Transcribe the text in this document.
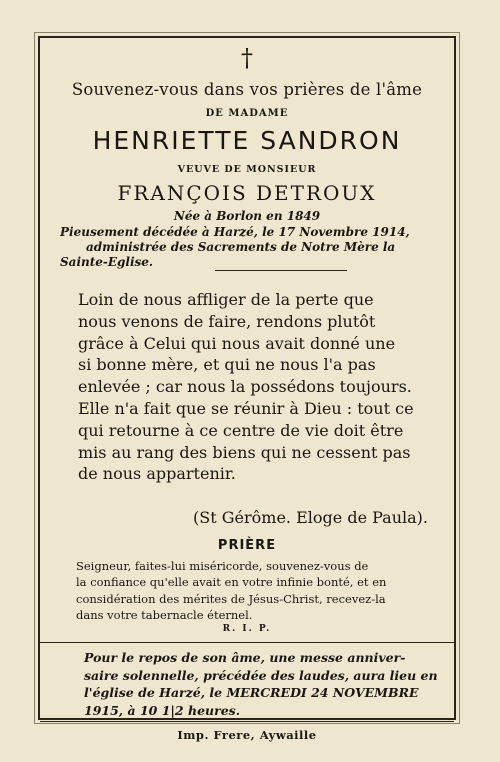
†
Souvenez-vous dans vos prières de l'âme
DE MADAME
HENRIETTE SANDRON
VEUVE DE MONSIEUR
FRANÇOIS DETROUX
Née à Borlon en 1849
Pieusement décédée à Harzé, le 17 Novembre 1914,
administrée des Sacrements de Notre Mère la
Sainte-Eglise.
Loin de nous affliger de la perte que
nous venons de faire, rendons plutôt
grâce à Celui qui nous avait donné une
si bonne mère, et qui ne nous l'a pas
enlevée ; car nous la possédons toujours.
Elle n'a fait que se réunir à Dieu : tout ce
qui retourne à ce centre de vie doit être
mis au rang des biens qui ne cessent pas
de nous appartenir.
(St Gérôme. Eloge de Paula).
PRIÈRE
Seigneur, faites-lui miséricorde, souvenez-vous de
la confiance qu'elle avait en votre infinie bonté, et en
considération des mérites de Jésus-Christ, recevez-la
dans votre tabernacle éternel.
R. I. P.
Pour le repos de son âme, une messe anniver-
saire solennelle, précédée des laudes, aura lieu en
l'église de Harzé, le MERCREDI 24 NOVEMBRE
1915, à 10 1|2 heures.
Imp. Frere, Aywaille
